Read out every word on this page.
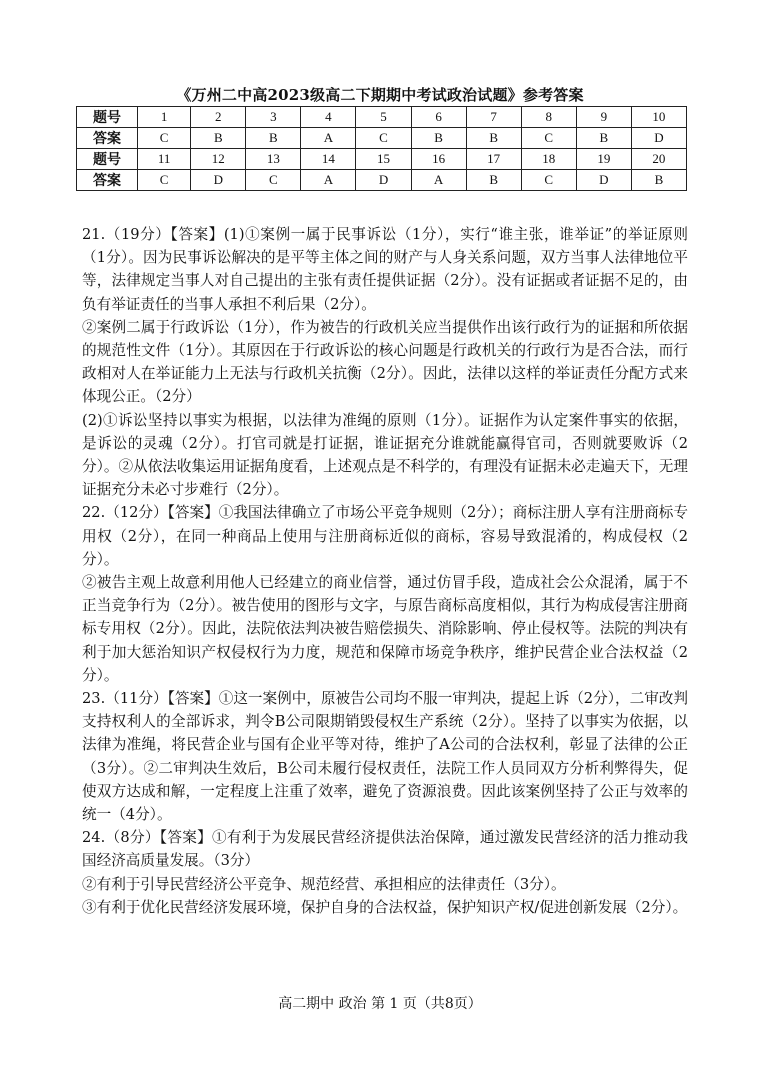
《万州二中高2023级高二下期期中考试政治试题》参考答案
题号	1	2	3	4	5	6	7	8	9	10
答案	C	B	B	A	C	B	B	C	B	D
题号	11	12	13	14	15	16	17	18	19	20
答案	C	D	C	A	D	A	B	C	D	B

21.（19分）【答案】(1)①案例一属于民事诉讼（1分），实行“谁主张，谁举证”的举证原则（1分）。因为民事诉讼解决的是平等主体之间的财产与人身关系问题，双方当事人法律地位平等，法律规定当事人对自己提出的主张有责任提供证据（2分）。没有证据或者证据不足的，由负有举证责任的当事人承担不利后果（2分）。

②案例二属于行政诉讼（1分），作为被告的行政机关应当提供作出该行政行为的证据和所依据的规范性文件（1分）。其原因在于行政诉讼的核心问题是行政机关的行政行为是否合法，而行政相对人在举证能力上无法与行政机关抗衡（2分）。因此，法律以这样的举证责任分配方式来体现公正。（2分）

(2)①诉讼坚持以事实为根据，以法律为准绳的原则（1分）。证据作为认定案件事实的依据，是诉讼的灵魂（2分）。打官司就是打证据，谁证据充分谁就能赢得官司，否则就要败诉（2分）。②从依法收集运用证据角度看，上述观点是不科学的，有理没有证据未必走遍天下，无理证据充分未必寸步难行（2分）。

22.（12分）【答案】①我国法律确立了市场公平竞争规则（2分）；商标注册人享有注册商标专用权（2分），在同一种商品上使用与注册商标近似的商标，容易导致混淆的，构成侵权（2分）。

②被告主观上故意利用他人已经建立的商业信誉，通过仿冒手段，造成社会公众混淆，属于不正当竞争行为（2分）。被告使用的图形与文字，与原告商标高度相似，其行为构成侵害注册商标专用权（2分）。因此，法院依法判决被告赔偿损失、消除影响、停止侵权等。法院的判决有利于加大惩治知识产权侵权行为力度，规范和保障市场竞争秩序，维护民营企业合法权益（2分）。

23.（11分）【答案】①这一案例中，原被告公司均不服一审判决，提起上诉（2分），二审改判支持权利人的全部诉求，判令B公司限期销毁侵权生产系统（2分）。坚持了以事实为依据，以法律为准绳，将民营企业与国有企业平等对待，维护了A公司的合法权利，彰显了法律的公正（3分）。②二审判决生效后，B公司未履行侵权责任，法院工作人员同双方分析利弊得失，促使双方达成和解，一定程度上注重了效率，避免了资源浪费。因此该案例坚持了公正与效率的统一（4分）。

24.（8分）【答案】①有利于为发展民营经济提供法治保障，通过激发民营经济的活力推动我国经济高质量发展。（3分）

②有利于引导民营经济公平竞争、规范经营、承担相应的法律责任（3分）。

③有利于优化民营经济发展环境，保护自身的合法权益，保护知识产权/促进创新发展（2分）。

高二期中 政治 第 1 页（共8页）
